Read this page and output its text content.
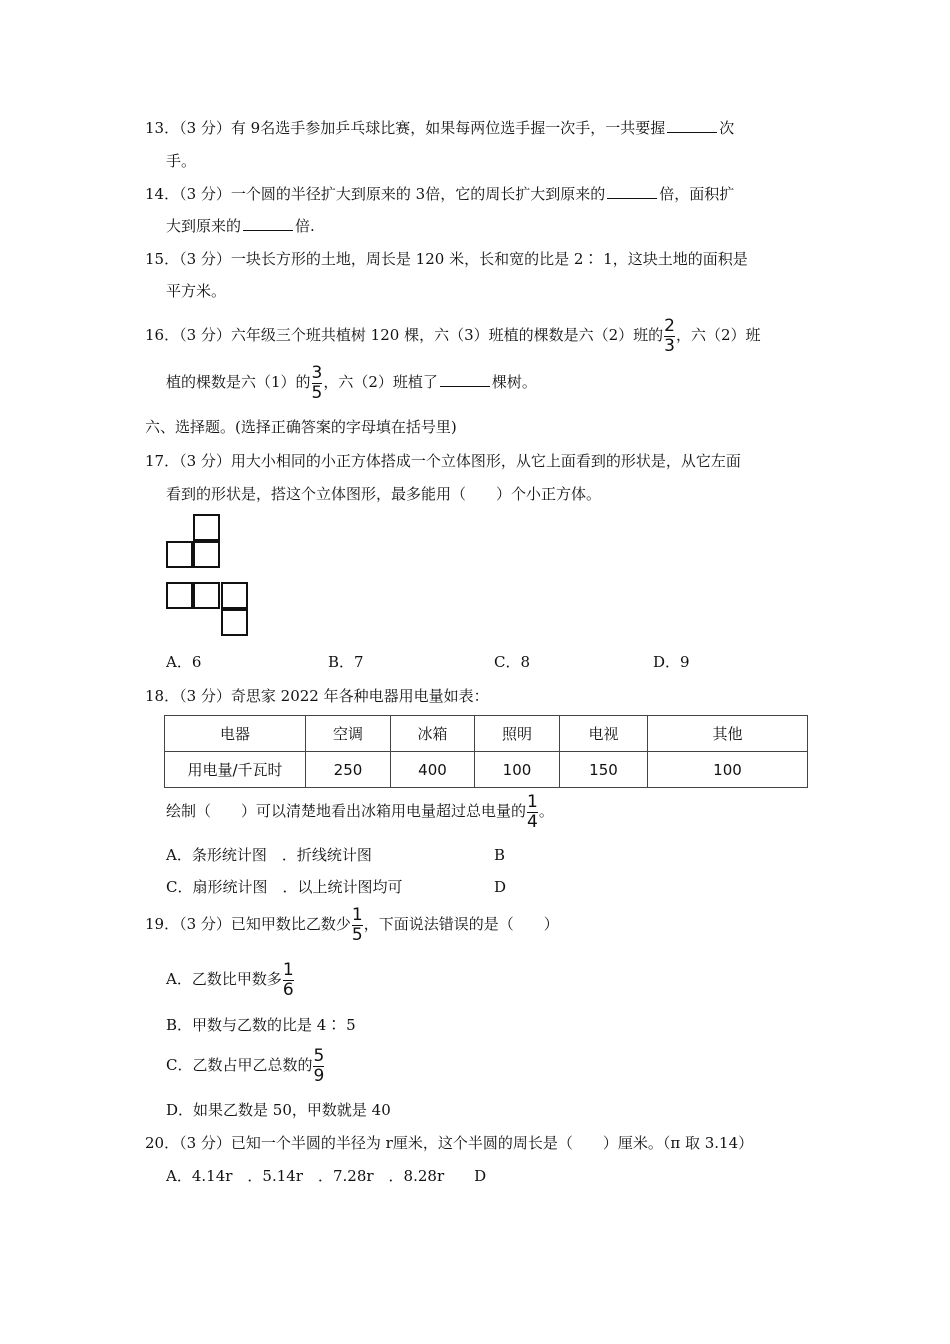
13．（3 分）有 9名选手参加乒乓球比赛，如果每两位选手握一次手，一共要握	次
手。
14．（3 分）一个圆的半径扩大到原来的 3倍，它的周长扩大到原来的	倍，面积扩
大到原来的	倍.
15．（3 分）一块长方形的土地，周长是 120 米，长和宽的比是 2∶ 1，这块土地的面积是
平方米。
16．（3 分）六年级三个班共植树 120 棵，六（3）班植的棵数是六（2）班的 $\frac{2}{3}$ ，六（2）班
植的棵数是六（1）的 $\frac{3}{5}$ ，六（2）班植了	棵树。
六、选择题。(选择正确答案的字母填在括号里)
17．（3 分）用大小相同的小正方体搭成一个立体图形，从它上面看到的形状是，从它左面
看到的形状是，搭这个立体图形，最多能用（　　）个小正方体。
A．6	B．7	C．8	D．9
18．（3 分）奇思家 2022 年各种电器用电量如表：
电器	空调	冰箱	照明	电视	其他
用电量/千瓦时	250	400	100	150	100
绘制（　　）可以清楚地看出冰箱用电量超过总电量的 $\frac{1}{4}$ 。
A．条形统计图　．折线统计图	B
C．扇形统计图　．以上统计图均可	D
19．（3 分）已知甲数比乙数少 $\frac{1}{5}$ ，下面说法错误的是（　　）
A．乙数比甲数多 $\frac{1}{6}$
B．甲数与乙数的比是 4∶ 5
C．乙数占甲乙总数的 $\frac{5}{9}$
D．如果乙数是 50，甲数就是 40
20．（3 分）已知一个半圆的半径为 r厘米，这个半圆的周长是（　　）厘米。（π 取 3.14）
A．4.14r　．5.14r　．7.28r　．8.28r　　D
